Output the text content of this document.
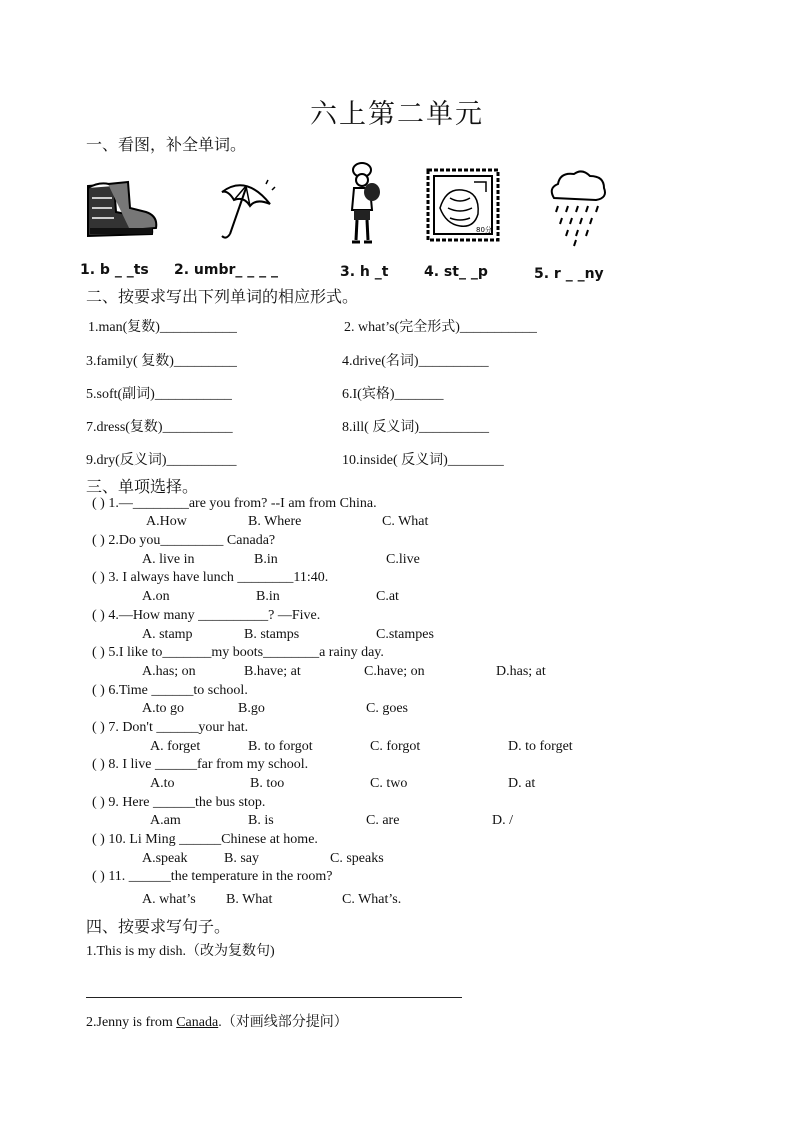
六上第二单元
一、看图，补全单词。
80分
1. b _ _ts 2. umbr_ _ _ _	3. h _t	4. st_ _p	5. r _ _ny
二、按要求写出下列单词的相应形式。
1.man(复数)___________	2. what’s(完全形式)___________
3.family( 复数)_________	4.drive(名词)__________
5.soft(副词)___________	6.I(宾格)_______
7.dress(复数)__________	8.ill( 反义词)__________
9.dry(反义词)__________	10.inside( 反义词)________
三、单项选择。
( ) 1.—________are you from? --I am from China.
A.How	B. Where	C. What
( ) 2.Do you_________ Canada?
A. live in	B.in	C.live
( ) 3. I always have lunch ________11:40.
A.on	B.in	C.at
( ) 4.—How many __________? —Five.
A. stamp	B. stamps	C.stampes
( ) 5.I like to_______my boots________a rainy day.
A.has; on	B.have; at	C.have; on	D.has; at
( ) 6.Time ______to school.
A.to go	B.go	C. goes
( ) 7. Don't ______your hat.
A. forget	B. to forgot	C. forgot	D. to forget
( ) 8. I live ______far from my school.
A.to	B. too	C. two	D. at
( ) 9. Here ______the bus stop.
A.am	B. is	C. are	D. /
( ) 10. Li Ming ______Chinese at home.
A.speak	B. say	C. speaks
( ) 11. ______the temperature in the room?
A. what’s B. What	C. What’s.
四、按要求写句子。
1.This is my dish.（改为复数句)
2.Jenny is from Canada.（对画线部分提问）
